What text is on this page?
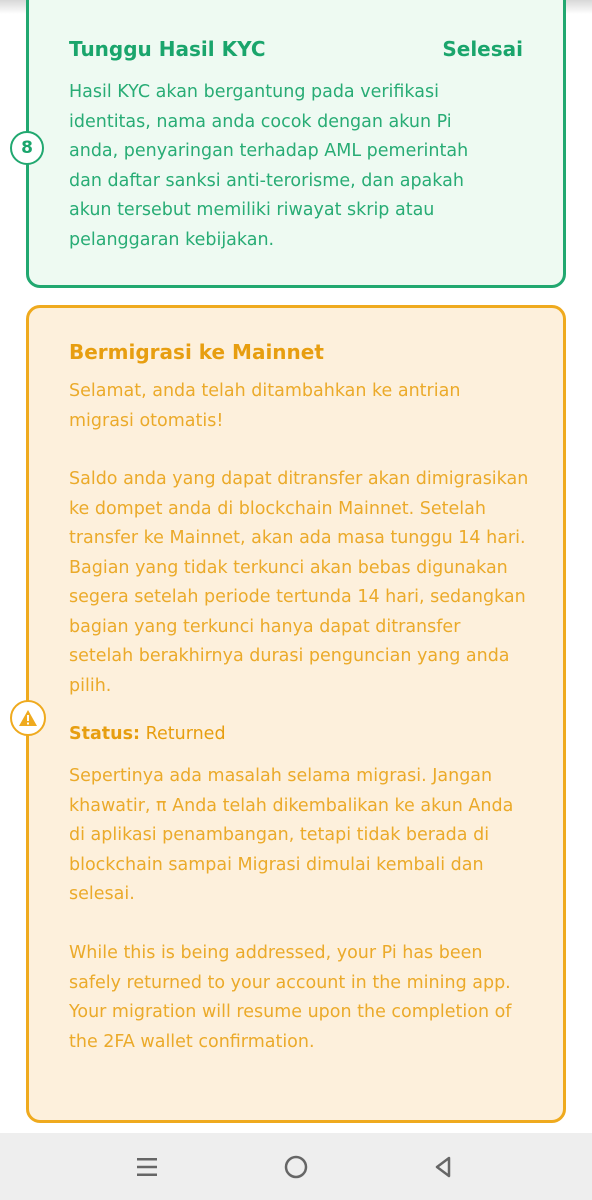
Tunggu Hasil KYC	Selesai
Hasil KYC akan bergantung pada verifikasi identitas, nama anda cocok dengan akun Pi anda, penyaringan terhadap AML pemerintah dan daftar sanksi anti-terorisme, dan apakah akun tersebut memiliki riwayat skrip atau pelanggaran kebijakan.
8
Bermigrasi ke Mainnet
Selamat, anda telah ditambahkan ke antrian migrasi otomatis!
Saldo anda yang dapat ditransfer akan dimigrasikan ke dompet anda di blockchain Mainnet. Setelah transfer ke Mainnet, akan ada masa tunggu 14 hari. Bagian yang tidak terkunci akan bebas digunakan segera setelah periode tertunda 14 hari, sedangkan bagian yang terkunci hanya dapat ditransfer setelah berakhirnya durasi penguncian yang anda pilih.
Status: Returned
Sepertinya ada masalah selama migrasi. Jangan khawatir, π Anda telah dikembalikan ke akun Anda di aplikasi penambangan, tetapi tidak berada di blockchain sampai Migrasi dimulai kembali dan selesai.
While this is being addressed, your Pi has been safely returned to your account in the mining app. Your migration will resume upon the completion of the 2FA wallet confirmation.
